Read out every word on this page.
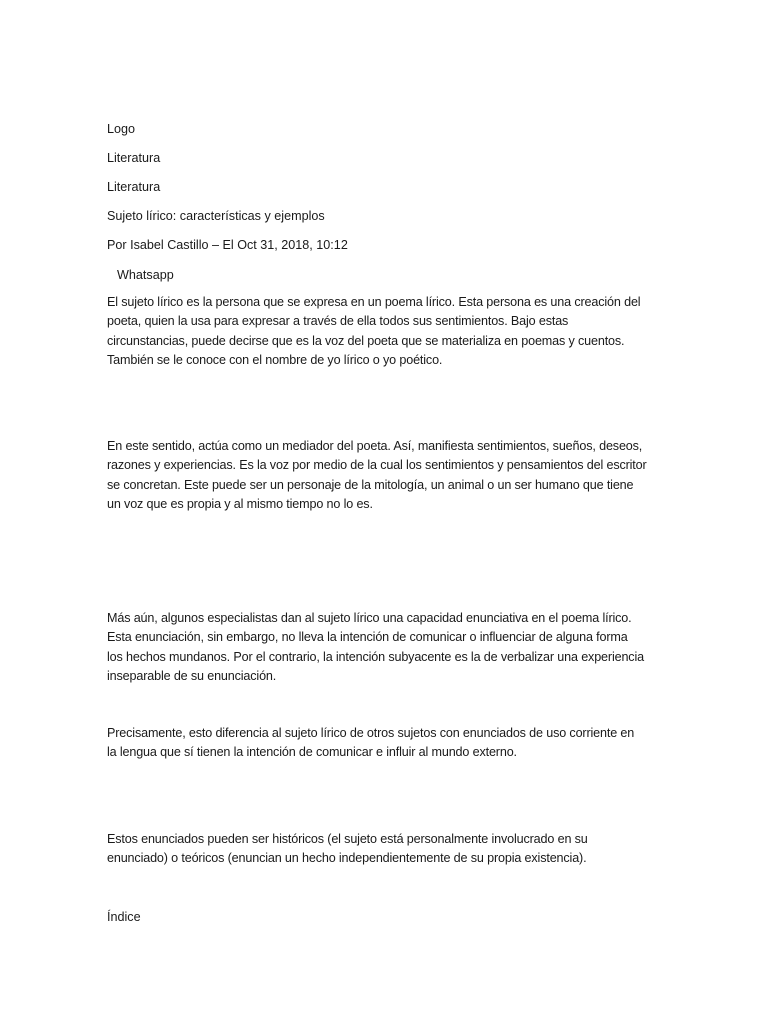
Logo

Literatura

Literatura

Sujeto lírico: características y ejemplos

Por Isabel Castillo – El Oct 31, 2018, 10:12

Whatsapp

El sujeto lírico es la persona que se expresa en un poema lírico. Esta persona es una creación del
poeta, quien la usa para expresar a través de ella todos sus sentimientos. Bajo estas
circunstancias, puede decirse que es la voz del poeta que se materializa en poemas y cuentos.
También se le conoce con el nombre de yo lírico o yo poético.
En este sentido, actúa como un mediador del poeta. Así, manifiesta sentimientos, sueños, deseos,
razones y experiencias. Es la voz por medio de la cual los sentimientos y pensamientos del escritor
se concretan. Este puede ser un personaje de la mitología, un animal o un ser humano que tiene
un voz que es propia y al mismo tiempo no lo es.
Más aún, algunos especialistas dan al sujeto lírico una capacidad enunciativa en el poema lírico.
Esta enunciación, sin embargo, no lleva la intención de comunicar o influenciar de alguna forma
los hechos mundanos. Por el contrario, la intención subyacente es la de verbalizar una experiencia
inseparable de su enunciación.
Precisamente, esto diferencia al sujeto lírico de otros sujetos con enunciados de uso corriente en
la lengua que sí tienen la intención de comunicar e influir al mundo externo.
Estos enunciados pueden ser históricos (el sujeto está personalmente involucrado en su
enunciado) o teóricos (enuncian un hecho independientemente de su propia existencia).

Índice
